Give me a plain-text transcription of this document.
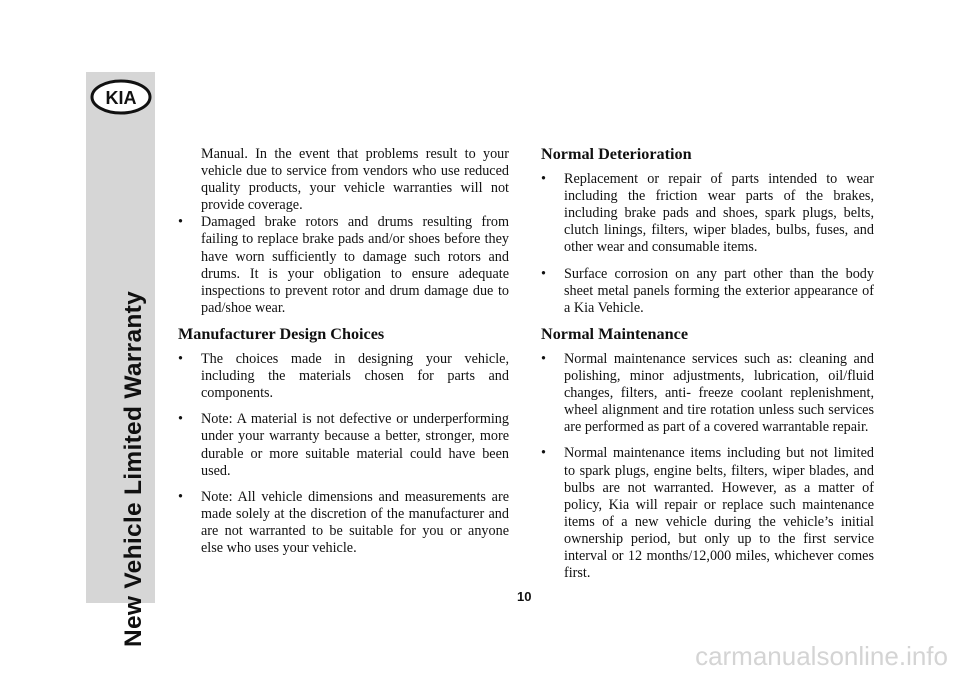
KIA
New Vehicle Limited Warranty

Manual. In the event that problems result to your vehicle due to service from vendors who use reduced quality products, your vehicle warranties will not provide coverage.

• Damaged brake rotors and drums resulting from failing to replace brake pads and/or shoes before they have worn sufficiently to damage such rotors and drums. It is your obligation to ensure adequate inspections to prevent rotor and drum damage due to pad/shoe wear.
Manufacturer Design Choices
• The choices made in designing your vehicle, including the materials chosen for parts and components.
• Note: A material is not defective or underperforming under your warranty because a better, stronger, more durable or more suitable material could have been used.
• Note: All vehicle dimensions and measurements are made solely at the discretion of the manufacturer and are not warranted to be suitable for you or anyone else who uses your vehicle.
Normal Deterioration
• Replacement or repair of parts intended to wear including the friction wear parts of the brakes, including brake pads and shoes, spark plugs, belts, clutch linings, filters, wiper blades, bulbs, fuses, and other wear and consumable items.
• Surface corrosion on any part other than the body sheet metal panels forming the exterior appearance of a Kia Vehicle.
Normal Maintenance
• Normal maintenance services such as: cleaning and polishing, minor adjustments, lubrication, oil/fluid changes, filters, anti- freeze coolant replenishment, wheel alignment and tire rotation unless such services are performed as part of a covered warrantable repair.
• Normal maintenance items including but not limited to spark plugs, engine belts, filters, wiper blades, and bulbs are not warranted. However, as a matter of policy, Kia will repair or replace such maintenance items of a new vehicle during the vehicle’s initial ownership period, but only up to the first service interval or 12 months/12,000 miles, whichever comes first.
10
carmanualsonline.info
